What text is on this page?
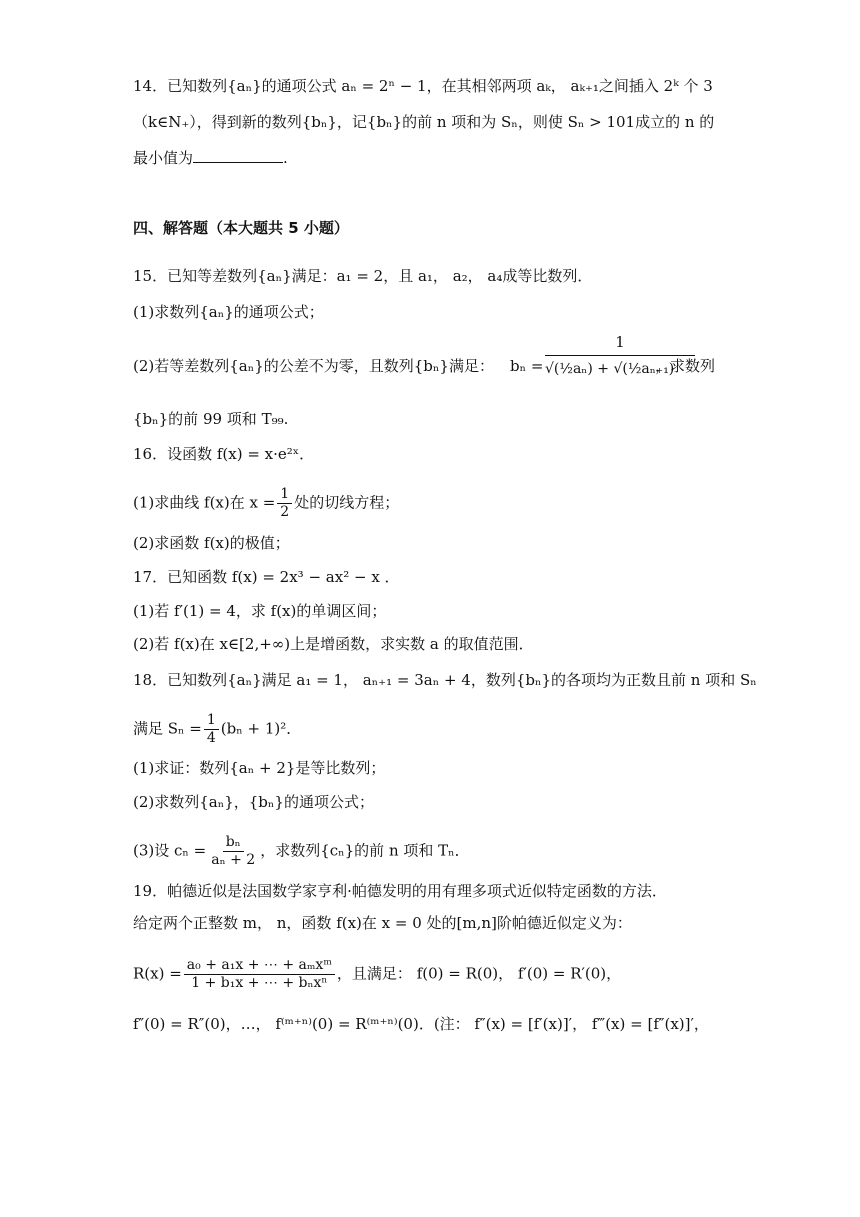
14．已知数列{aₙ}的通项公式 aₙ = 2ⁿ − 1，在其相邻两项 aₖ， aₖ₊₁之间插入 2ᵏ 个 3
（k∈N₊），得到新的数列{bₙ}，记{bₙ}的前 n 项和为 Sₙ，则使 Sₙ > 101成立的 n 的
最小值为	.
四、解答题（本大题共 5 小题）
15．已知等差数列{aₙ}满足：a₁ = 2，且 a₁， a₂， a₄成等比数列．
(1)求数列{aₙ}的通项公式；
(2)若等差数列{aₙ}的公差不为零，且数列{bₙ}满足： bₙ =
1
√(½aₙ) + √(½aₙ₊₁)
，求数列
{bₙ}的前 99 项和 T₉₉.
16．设函数 f(x) = x·e²ˣ．
(1)求曲线 f(x)在 $x = \frac{1}{2}$ 处的切线方程；
(2)求函数 f(x)的极值；
17．已知函数 f(x) = 2x³ − ax² − x ．
(1)若 f′(1) = 4，求 f(x)的单调区间；
(2)若 f(x)在 x∈[2,+∞)上是增函数，求实数 a 的取值范围．
18．已知数列{aₙ}满足 a₁ = 1， aₙ₊₁ = 3aₙ + 4，数列{bₙ}的各项均为正数且前 n 项和 Sₙ
满足 $S_n = \frac{1}{4} (b_n + 1)^2$．
(1)求证：数列{aₙ + 2}是等比数列；
(2)求数列{aₙ}，{bₙ}的通项公式；
(3)设 $c_n = \frac{\text{bₙ}}{\text{aₙ + 2}}$ ，求数列{cₙ}的前 n 项和 Tₙ．
19．帕德近似是法国数学家亨利·帕德发明的用有理多项式近似特定函数的方法．
给定两个正整数 m， n，函数 f(x)在 x = 0 处的[m,n]阶帕德近似定义为：
$R(x) = \frac{\text{a₀ + a₁x + ⋯ + aₘxᵐ}}{\text{1 + b₁x + ⋯ + bₙxⁿ}}$ ，且满足： f(0) = R(0)， f′(0) = R′(0)，
f″(0) = R″(0)，…， f⁽ᵐ⁺ⁿ⁾(0) = R⁽ᵐ⁺ⁿ⁾(0)．(注： f″(x) = [f′(x)]′， f‴(x) = [f″(x)]′，
